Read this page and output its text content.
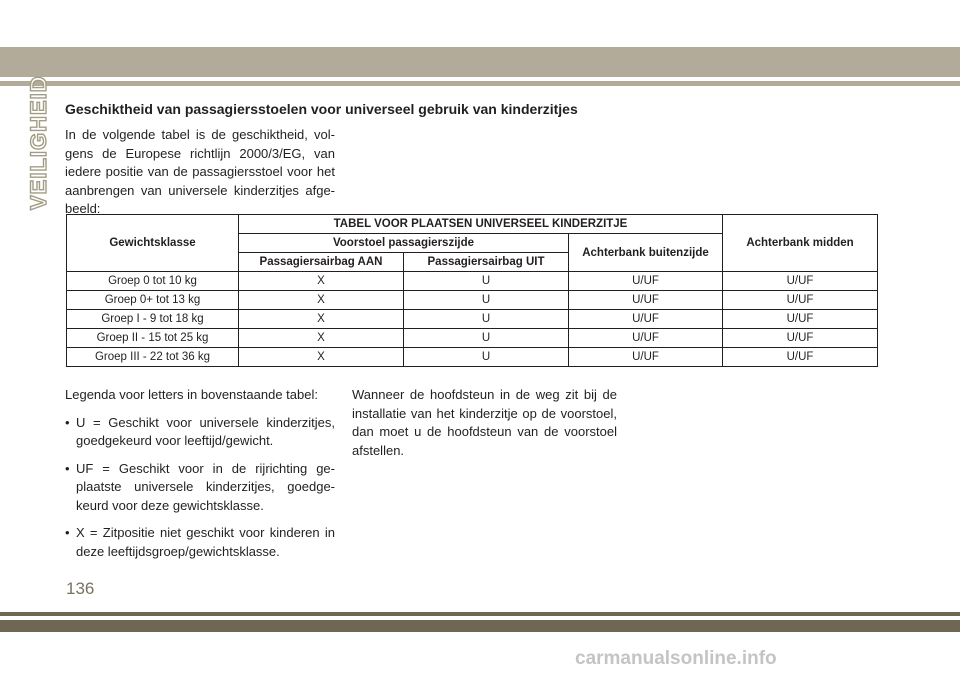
VEILIGHEID Geschiktheid van passagiersstoelen voor universeel gebruik van kinderzitjes

In de volgende tabel is de geschiktheid, vol-gens de Europese richtlijn 2000/3/EG, van iedere positie van de passagiersstoel voor het aanbrengen van universele kinderzitjes afge-beeld:

Gewichtsklasse	TABEL VOOR PLAATSEN UNIVERSEEL KINDERZITJE			Achterbank midden
	Voorstoel passagierszijde		Achterbank buitenzijde	
	Passagiersairbag AAN	Passagiersairbag UIT		
Groep 0 tot 10 kg	X	U	U/UF	U/UF
Groep 0+ tot 13 kg	X	U	U/UF	U/UF
Groep I - 9 tot 18 kg	X	U	U/UF	U/UF
Groep II - 15 tot 25 kg	X	U	U/UF	U/UF
Groep III - 22 tot 36 kg	X	U	U/UF	U/UF

Legenda voor letters in bovenstaande tabel:

• U = Geschikt voor universele kinderzitjes, goedgekeurd voor leeftijd/gewicht.
• UF = Geschikt voor in de rijrichting ge-plaatste universele kinderzitjes, goedge-keurd voor deze gewichtsklasse.
• X = Zitpositie niet geschikt voor kinderen in deze leeftijdsgroep/gewichtsklasse.

Wanneer de hoofdsteun in de weg zit bij de installatie van het kinderzitje op de voorstoel, dan moet u de hoofdsteun van de voorstoel afstellen.

136
carmanualsonline.info
